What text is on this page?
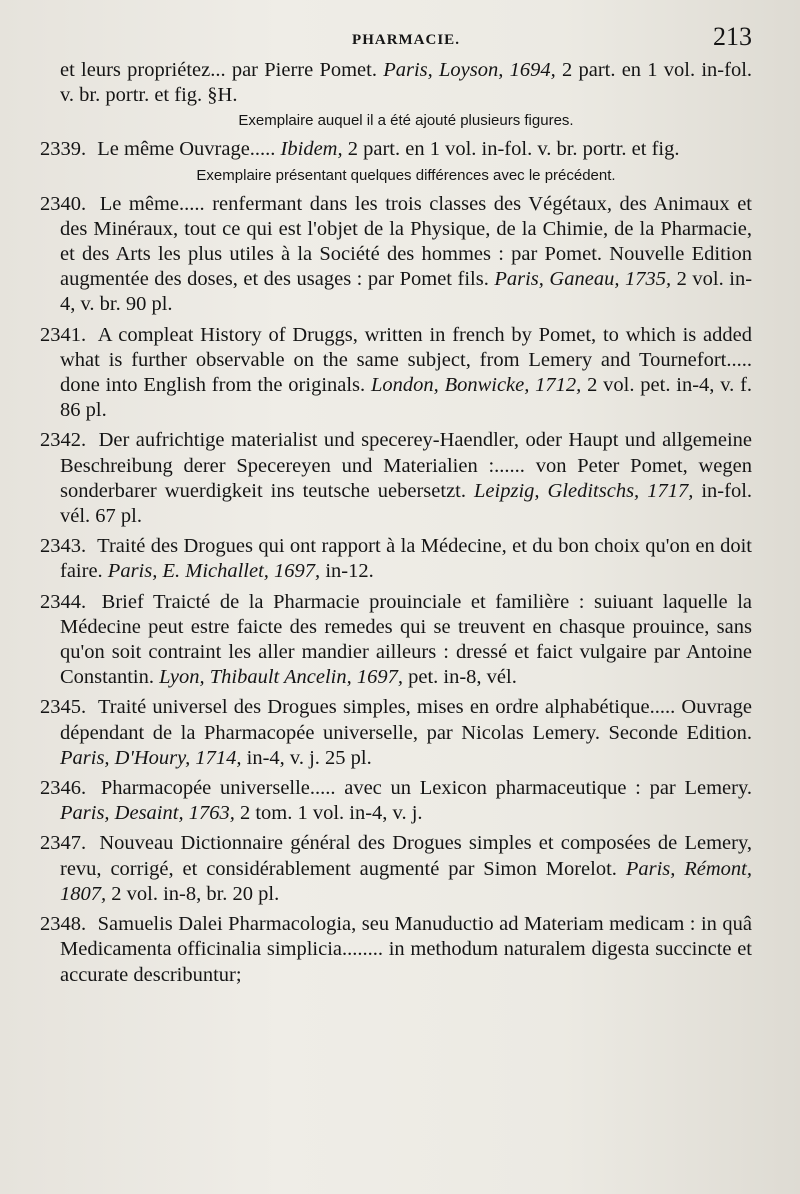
PHARMACIE.	213
et leurs propriétez... par Pierre Pomet. Paris, Loyson, 1694, 2 part. en 1 vol. in-fol. v. br. portr. et fig. §H.
Exemplaire auquel il a été ajouté plusieurs figures.
2339. Le même Ouvrage..... Ibidem, 2 part. en 1 vol. in-fol. v. br. portr. et fig.
Exemplaire présentant quelques différences avec le précédent.
2340. Le même..... renfermant dans les trois classes des Végétaux, des Animaux et des Minéraux, tout ce qui est l'objet de la Physique, de la Chimie, de la Pharmacie, et des Arts les plus utiles à la Société des hommes : par Pomet. Nouvelle Edition augmentée des doses, et des usages : par Pomet fils. Paris, Ganeau, 1735, 2 vol. in-4, v. br. 90 pl.
2341. A compleat History of Druggs, written in french by Pomet, to which is added what is further observable on the same subject, from Lemery and Tournefort..... done into English from the originals. London, Bonwicke, 1712, 2 vol. pet. in-4, v. f. 86 pl.
2342. Der aufrichtige materialist und specerey-Haendler, oder Haupt und allgemeine Beschreibung derer Specereyen und Materialien :...... von Peter Pomet, wegen sonderbarer wuerdigkeit ins teutsche uebersetzt. Leipzig, Gleditschs, 1717, in-fol. vél. 67 pl.
2343. Traité des Drogues qui ont rapport à la Médecine, et du bon choix qu'on en doit faire. Paris, E. Michallet, 1697, in-12.
2344. Brief Traicté de la Pharmacie prouinciale et familière : suiuant laquelle la Médecine peut estre faicte des remedes qui se treuvent en chasque prouince, sans qu'on soit contraint les aller mandier ailleurs : dressé et faict vulgaire par Antoine Constantin. Lyon, Thibault Ancelin, 1697, pet. in-8, vél.
2345. Traité universel des Drogues simples, mises en ordre alphabétique..... Ouvrage dépendant de la Pharmacopée universelle, par Nicolas Lemery. Seconde Edition. Paris, D'Houry, 1714, in-4, v. j. 25 pl.
2346. Pharmacopée universelle..... avec un Lexicon pharmaceutique : par Lemery. Paris, Desaint, 1763, 2 tom. 1 vol. in-4, v. j.
2347. Nouveau Dictionnaire général des Drogues simples et composées de Lemery, revu, corrigé, et considérablement augmenté par Simon Morelot. Paris, Rémont, 1807, 2 vol. in-8, br. 20 pl.
2348. Samuelis Dalei Pharmacologia, seu Manuductio ad Materiam medicam : in quâ Medicamenta officinalia simplicia........ in methodum naturalem digesta succincte et accurate describuntur;
